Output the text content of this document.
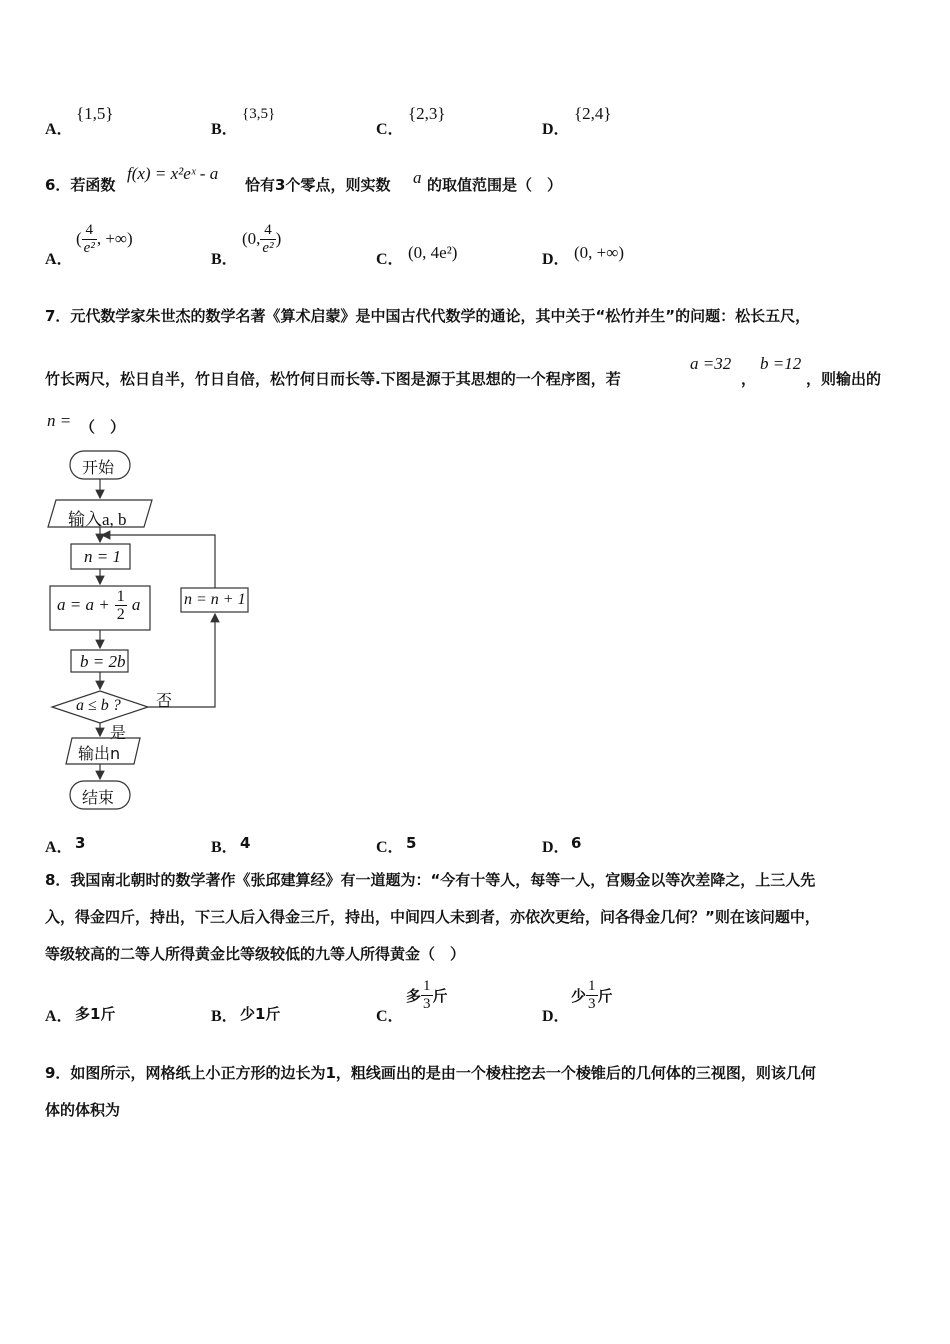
A．
{1,5}
B．
{3,5}
C．
{2,3}
D．
{2,4}
6．若函数
f(x) = x²eˣ - a
恰有3个零点，则实数 a 的取值范围是（　）
A．
( $\frac{4}{\text{e²}}$ , +∞)
B．
(0, $\frac{4}{\text{e²}}$ )
C． (0, 4e²)	D． (0, +∞)
7．元代数学家朱世杰的数学名著《算术启蒙》是中国古代代数学的通论，其中关于“松竹并生”的问题：松长五尺，
竹长两尺，松日自半，竹日自倍，松竹何日而长等.下图是源于其思想的一个程序图，若
a =32
，
b =12
，则输出的
n = （　）
开始
输入a, b
n = 1
$a = a + \frac{1}{2}$ a
b = 2b
a ≤ b ? 否
是
n = n + 1
输出n
结束
A． 3	B． 4	C． 5	D． 6
8．我国南北朝时的数学著作《张邱建算经》有一道题为：“今有十等人，每等一人，宫赐金以等次差降之，上三人先
入，得金四斤，持出，下三人后入得金三斤，持出，中间四人未到者，亦依次更给，问各得金几何？”则在该问题中，
等级较高的二等人所得黄金比等级较低的九等人所得黄金（　）
A． 多1斤	B． 少1斤	C．
多 $\frac{1}{3}$ 斤
D．
少 $\frac{1}{3}$ 斤
9．如图所示，网格纸上小正方形的边长为1，粗线画出的是由一个棱柱挖去一个棱锥后的几何体的三视图，则该几何
体的体积为
